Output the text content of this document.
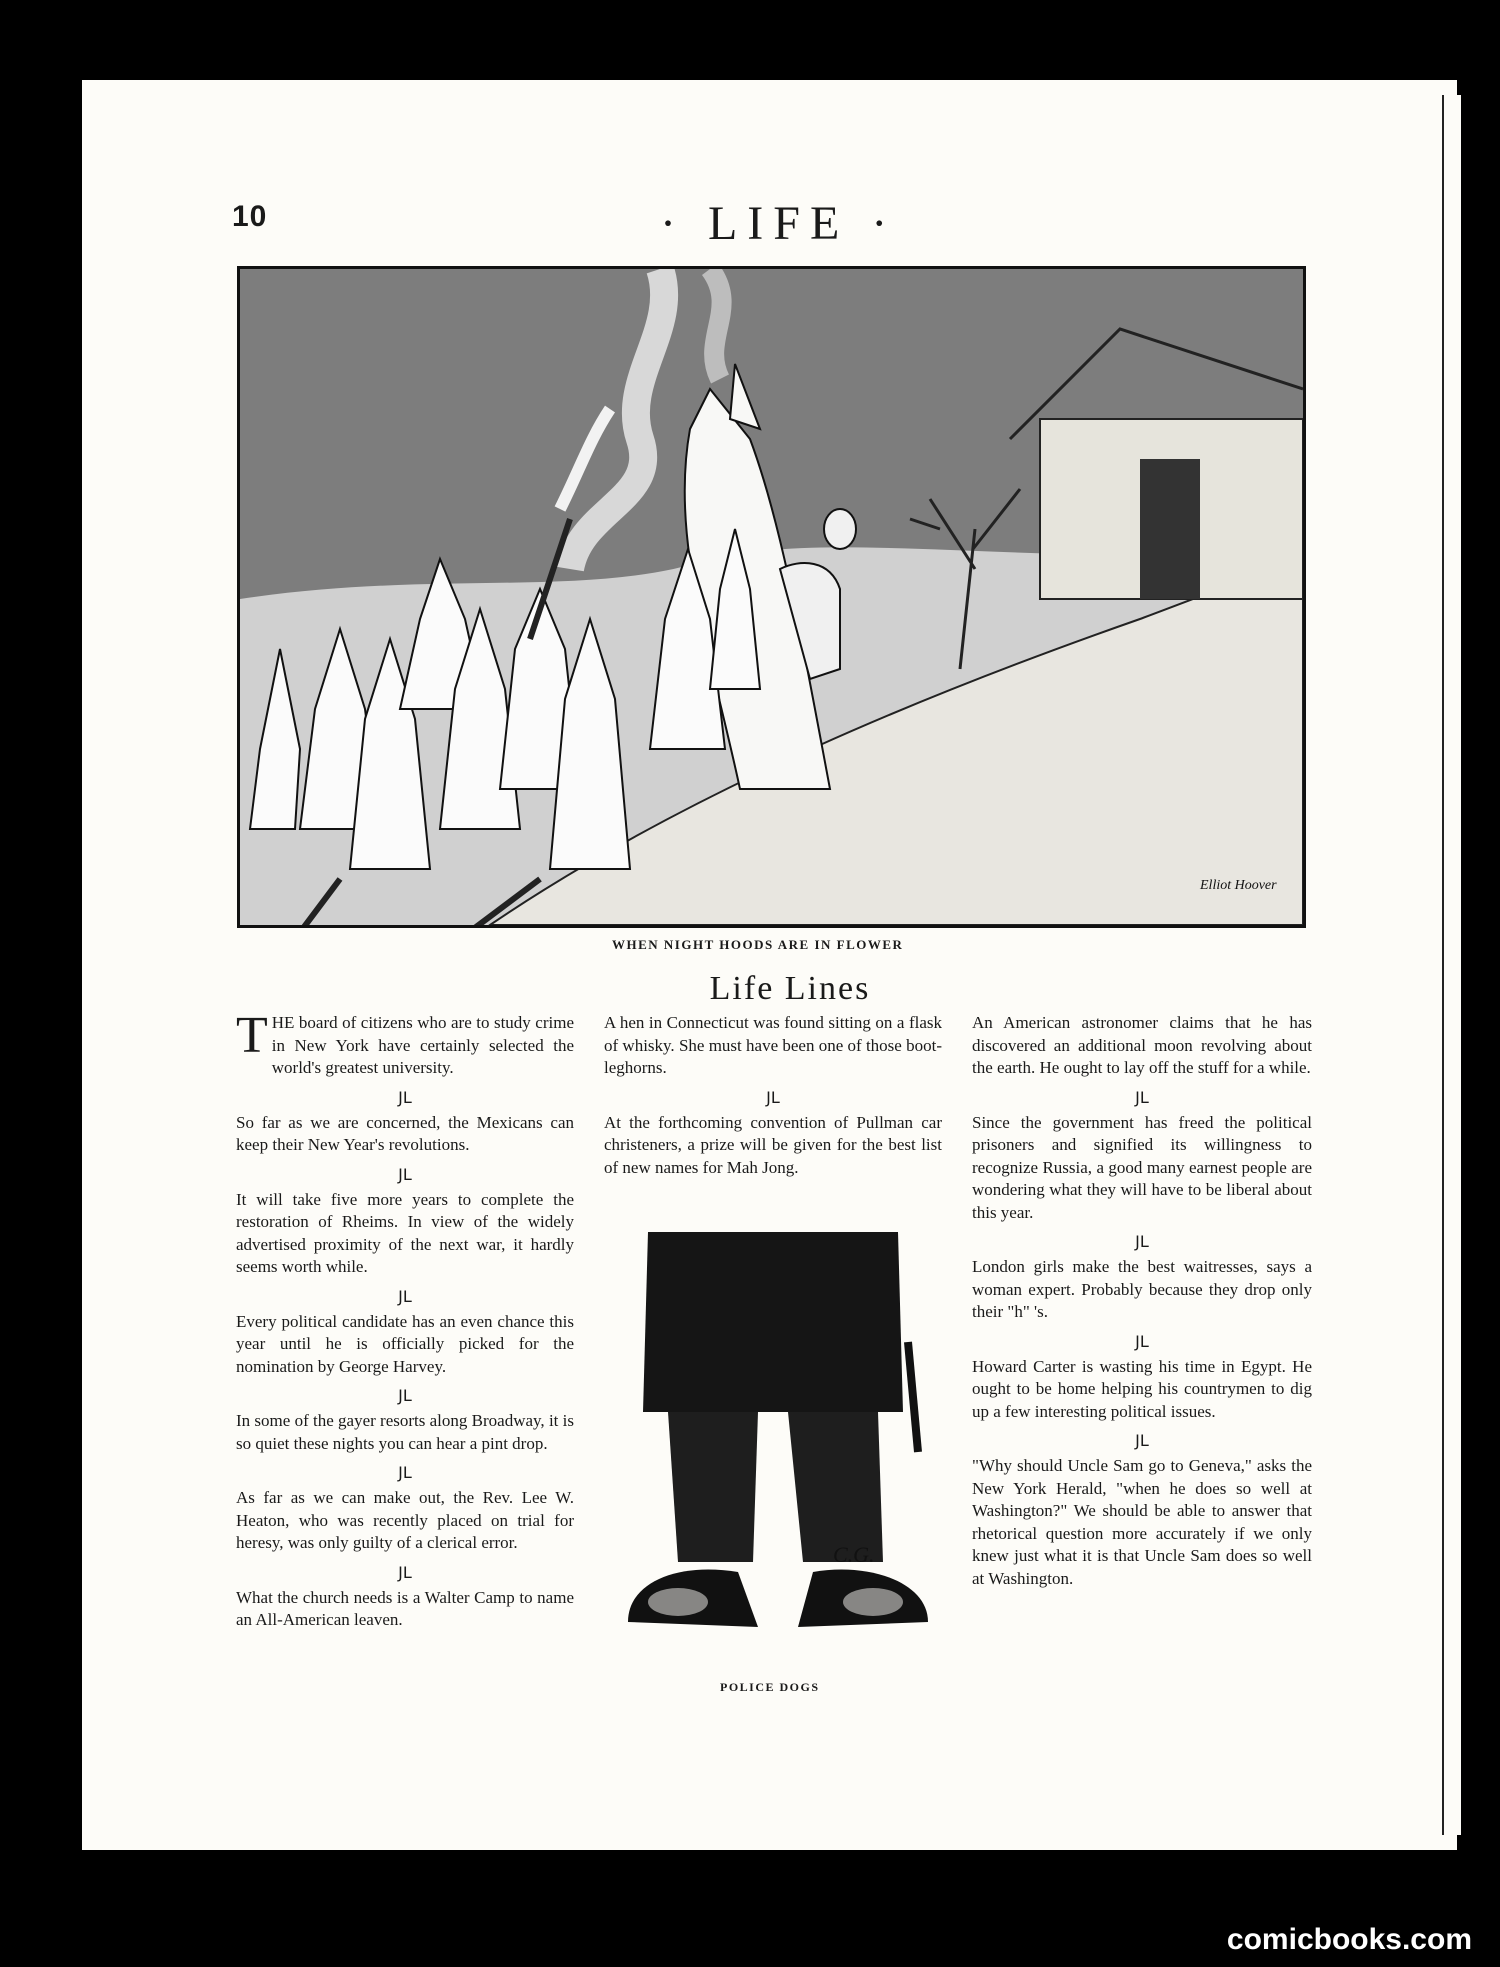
10	· LIFE ·
Elliot Hoover
WHEN NIGHT HOODS ARE IN FLOWER
Life Lines

THE board of citizens who are to study crime in New York have certainly selected the world's greatest university.

JL

So far as we are concerned, the Mexicans can keep their New Year's revolutions.

JL

It will take five more years to complete the restoration of Rheims. In view of the widely advertised proximity of the next war, it hardly seems worth while.

JL

Every political candidate has an even chance this year until he is officially picked for the nomination by George Harvey.

JL

In some of the gayer resorts along Broadway, it is so quiet these nights you can hear a pint drop.

JL

As far as we can make out, the Rev. Lee W. Heaton, who was recently placed on trial for heresy, was only guilty of a clerical error.

JL

What the church needs is a Walter Camp to name an All-American leaven.

A hen in Connecticut was found sitting on a flask of whisky. She must have been one of those boot-leghorns.

JL

At the forthcoming convention of Pullman car christeners, a prize will be given for the best list of new names for Mah Jong.

C.G.
POLICE DOGS

An American astronomer claims that he has discovered an additional moon revolving about the earth. He ought to lay off the stuff for a while.

JL

Since the government has freed the political prisoners and signified its willingness to recognize Russia, a good many earnest people are wondering what they will have to be liberal about this year.

JL

London girls make the best waitresses, says a woman expert. Probably because they drop only their "h" 's.

JL

Howard Carter is wasting his time in Egypt. He ought to be home helping his countrymen to dig up a few interesting political issues.

JL

"Why should Uncle Sam go to Geneva," asks the New York Herald, "when he does so well at Washington?" We should be able to answer that rhetorical question more accurately if we only knew just what it is that Uncle Sam does so well at Washington.

comicbooks.com
